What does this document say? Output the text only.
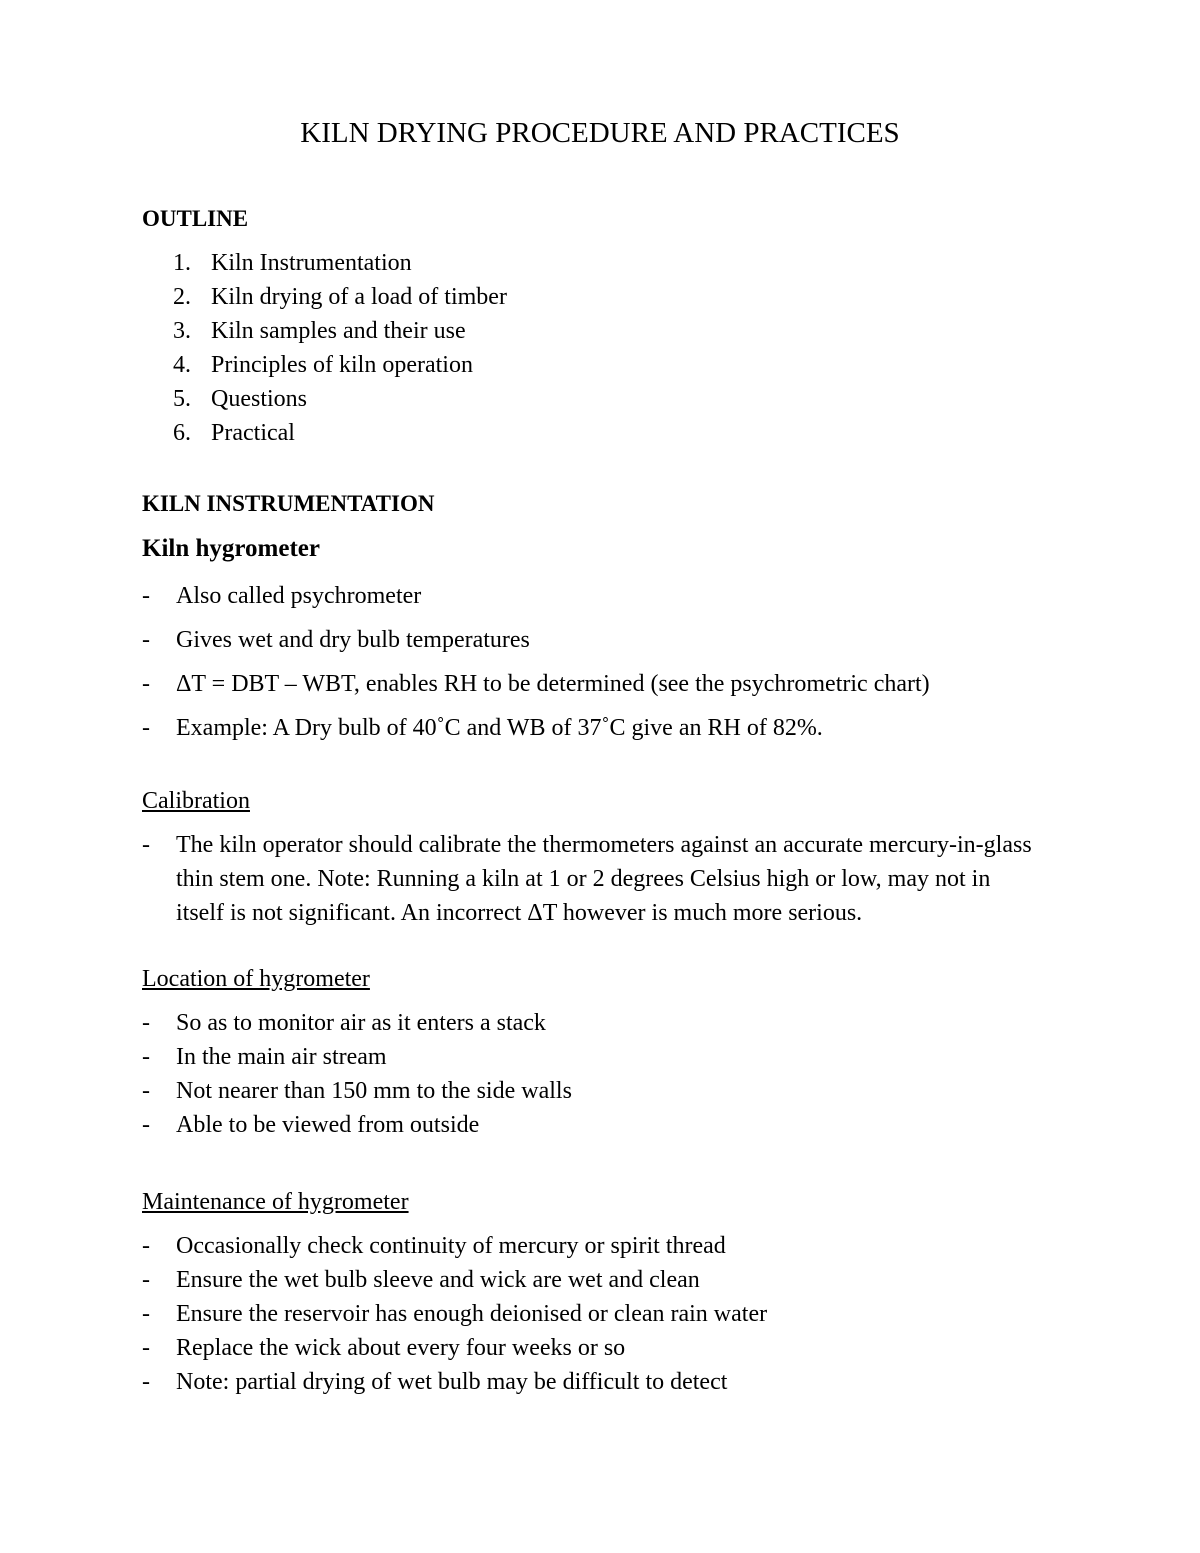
KILN DRYING PROCEDURE AND PRACTICES
OUTLINE
1. Kiln Instrumentation
2. Kiln drying of a load of timber
3. Kiln samples and their use
4. Principles of kiln operation
5. Questions
6. Practical
KILN INSTRUMENTATION
Kiln hygrometer
- Also called psychrometer
- Gives wet and dry bulb temperatures
- ΔT = DBT – WBT, enables RH to be determined (see the psychrometric chart)
- Example: A Dry bulb of 40˚C and WB of 37˚C give an RH of 82%.

Calibration

- The kiln operator should calibrate the thermometers against an accurate mercury-in-glass thin stem one. Note: Running a kiln at 1 or 2 degrees Celsius high or low, may not in itself is not significant. An incorrect ΔT however is much more serious.

Location of hygrometer

- So as to monitor air as it enters a stack
- In the main air stream
- Not nearer than 150 mm to the side walls
- Able to be viewed from outside

Maintenance of hygrometer

- Occasionally check continuity of mercury or spirit thread
- Ensure the wet bulb sleeve and wick are wet and clean
- Ensure the reservoir has enough deionised or clean rain water
- Replace the wick about every four weeks or so
- Note: partial drying of wet bulb may be difficult to detect
